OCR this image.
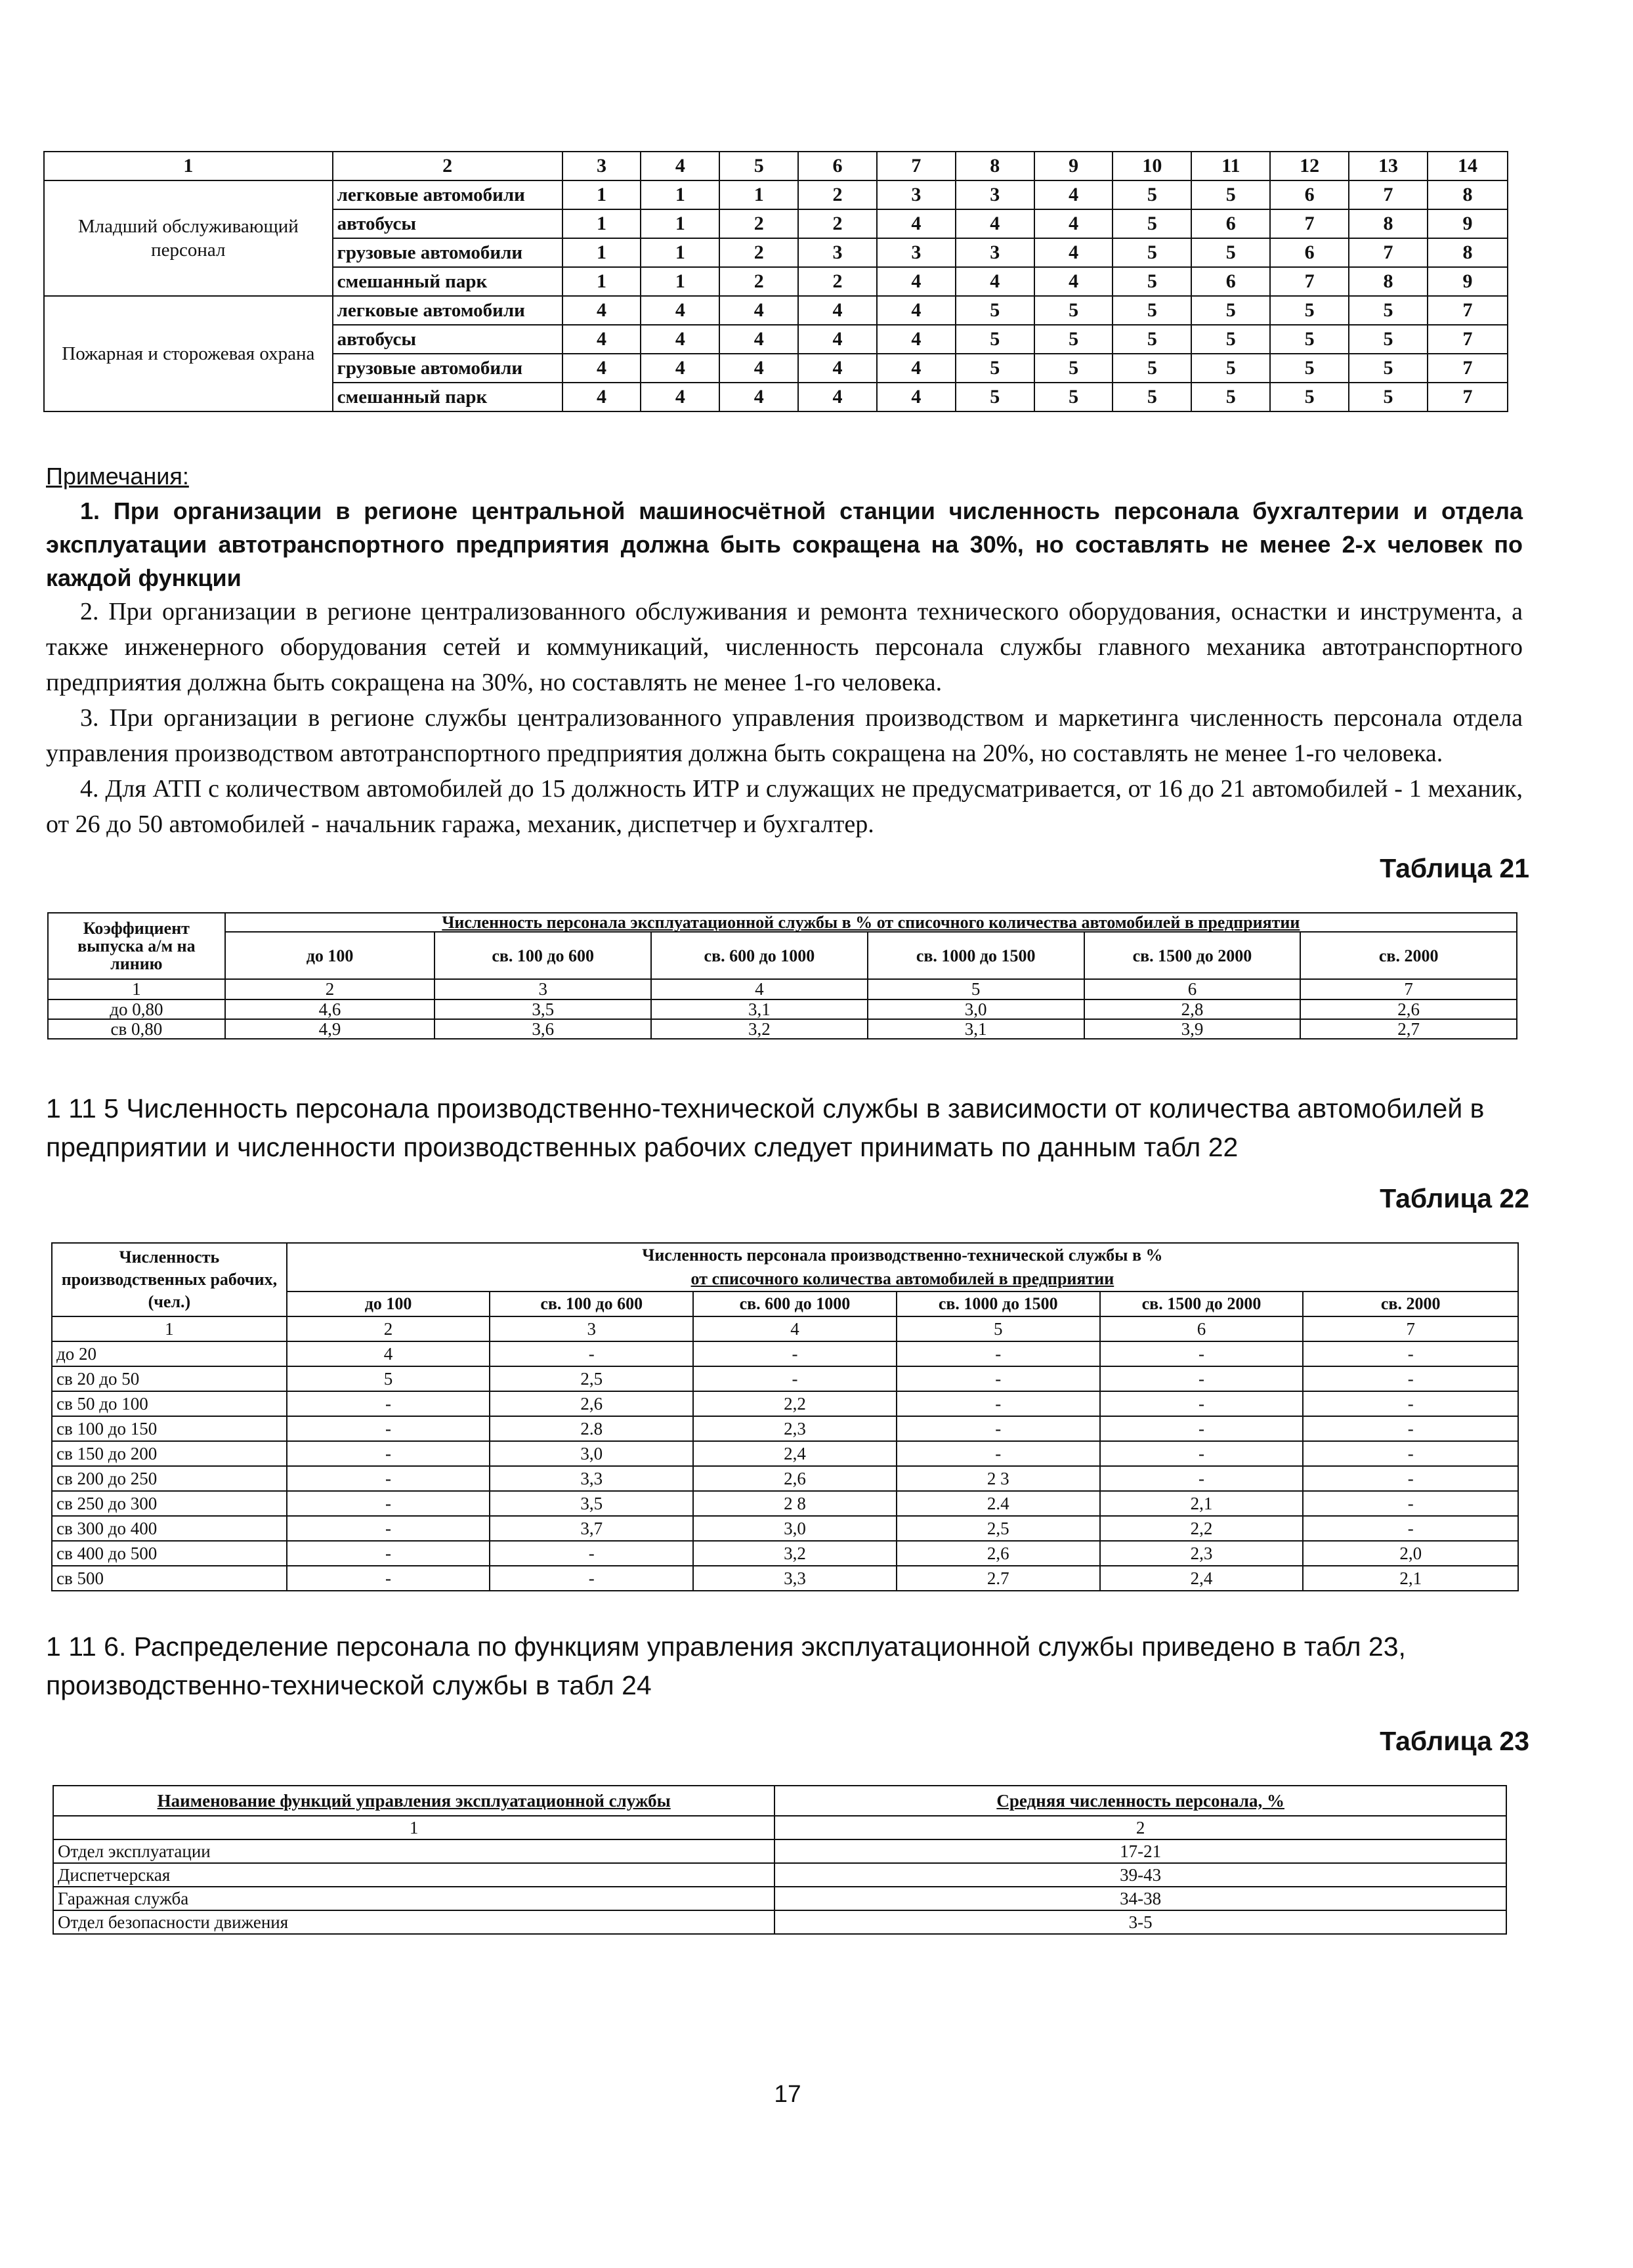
1	2	3	4	5	6	7	8	9	10	11	12	13	14
Младший обслуживающий персонал	легковые автомобили	1	1	1	2	3	3	4	5	5	6	7	8
	автобусы	1	1	2	2	4	4	4	5	6	7	8	9
	грузовые автомобили	1	1	2	3	3	3	4	5	5	6	7	8
	смешанный парк	1	1	2	2	4	4	4	5	6	7	8	9
Пожарная и сторожевая охрана	легковые автомобили	4	4	4	4	4	5	5	5	5	5	5	7
	автобусы	4	4	4	4	4	5	5	5	5	5	5	7
	грузовые автомобили	4	4	4	4	4	5	5	5	5	5	5	7
	смешанный парк	4	4	4	4	4	5	5	5	5	5	5	7
Примечания:

1. При организации в регионе центральной машиносчётной станции численность персонала бухгалтерии и отдела эксплуатации автотранспортного предприятия должна быть сокращена на 30%, но составлять не менее 2-х человек по каждой функции

2. При организации в регионе централизованного обслуживания и ремонта технического оборудования, оснастки и инструмента, а также инженерного оборудования сетей и коммуникаций, численность персонала службы главного механика автотранспортного предприятия должна быть сокращена на 30%, но составлять не менее 1-го человека.

3. При организации в регионе службы централизованного управления производством и маркетинга численность персонала отдела управления производством автотранспортного предприятия должна быть сокращена на 20%, но составлять не менее 1-го человека.

4. Для АТП с количеством автомобилей до 15 должность ИТР и служащих не предусматривается, от 16 до 21 автомобилей - 1 механик, от 26 до 50 автомобилей - начальник гаража, механик, диспетчер и бухгалтер.

Таблица 21
Коэффициент выпуска а/м на линию	Численность персонала эксплуатационной службы в % от списочного количества автомобилей в предприятии					
	до 100	св. 100 до 600	св. 600 до 1000	св. 1000 до 1500	св. 1500 до 2000	св. 2000
1	2	3	4	5	6	7
до 0,80	4,6	3,5	3,1	3,0	2,8	2,6
св 0,80	4,9	3,6	3,2	3,1	3,9	2,7
1 11 5 Численность персонала производственно-технической службы в зависимости от количества автомобилей в предприятии и численности производственных рабочих следует принимать по данным табл 22
Таблица 22
Численность производственных рабочих, (чел.)	Численность персонала производственно-технической службы в %					
	от списочного количества автомобилей в предприятии					
	до 100	св. 100 до 600	св. 600 до 1000	св. 1000 до 1500	св. 1500 до 2000	св. 2000
1	2	3	4	5	6	7
до 20	4	-	-	-	-	-
св 20 до 50	5	2,5	-	-	-	-
св 50 до 100	-	2,6	2,2	-	-	-
св 100 до 150	-	2.8	2,3	-	-	-
св 150 до 200	-	3,0	2,4	-	-	-
св 200 до 250	-	3,3	2,6	2 3	-	-
св 250 до 300	-	3,5	2 8	2.4	2,1	-
св 300 до 400	-	3,7	3,0	2,5	2,2	-
св 400 до 500	-	-	3,2	2,6	2,3	2,0
св 500	-	-	3,3	2.7	2,4	2,1
1 11 6. Распределение персонала по функциям управления эксплуатационной службы приведено в табл 23, производственно-технической службы в табл 24
Таблица 23
Наименование функций управления эксплуатационной службы	Средняя численность персонала, %
1	2
Отдел эксплуатации	17-21
Диспетчерская	39-43
Гаражная служба	34-38
Отдел безопасности движения	3-5
17
